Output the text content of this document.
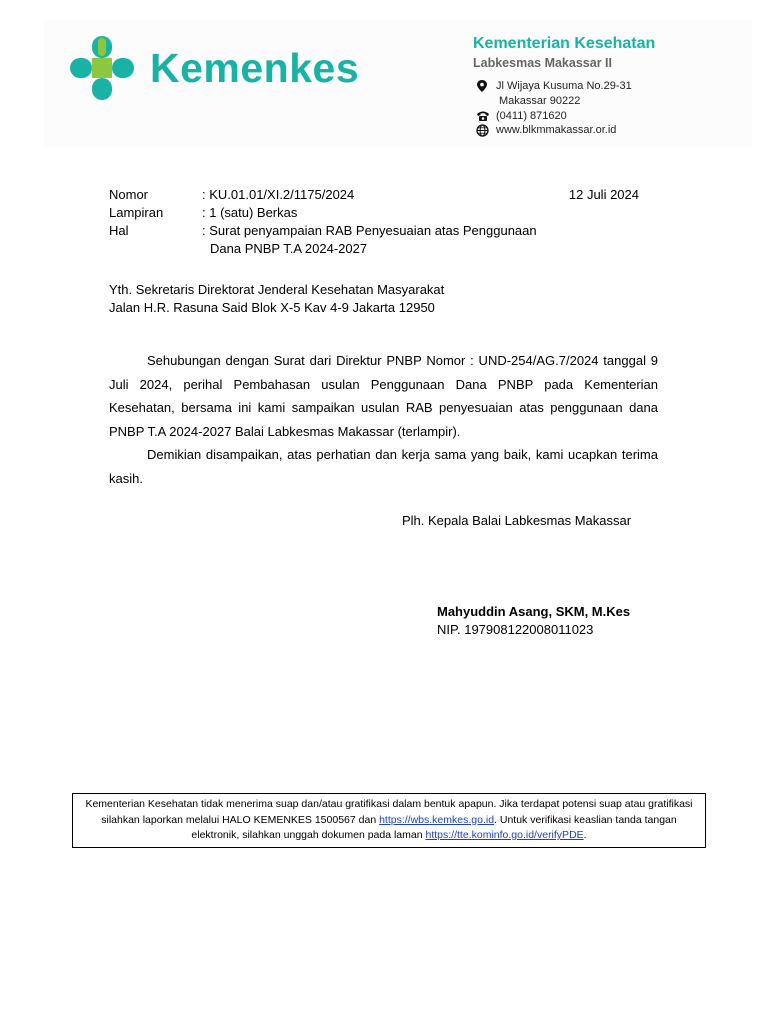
Kemenkes
Kementerian Kesehatan
Labkesmas Makassar II
Jl Wijaya Kusuma No.29-31
Makassar 90222
(0411) 871620
www.blkmmakassar.or.id
Nomor	: KU.01.01/XI.2/1175/2024	12 Juli 2024
Lampiran	: 1 (satu) Berkas
Hal	: Surat penyampaian RAB Penyesuaian atas Penggunaan
Dana PNBP T.A 2024-2027
Yth. Sekretaris Direktorat Jenderal Kesehatan Masyarakat
Jalan H.R. Rasuna Said Blok X-5 Kav 4-9 Jakarta 12950

Sehubungan dengan Surat dari Direktur PNBP Nomor : UND-254/AG.7/2024 tanggal 9 Juli 2024, perihal Pembahasan usulan Penggunaan Dana PNBP pada Kementerian Kesehatan, bersama ini kami sampaikan usulan RAB penyesuaian atas penggunaan dana PNBP T.A 2024-2027 Balai Labkesmas Makassar (terlampir).

Demikian disampaikan, atas perhatian dan kerja sama yang baik, kami ucapkan terima kasih.

Plh. Kepala Balai Labkesmas Makassar
Mahyuddin Asang, SKM, M.Kes
NIP. 197908122008011023
Kementerian Kesehatan tidak menerima suap dan/atau gratifikasi dalam bentuk apapun. Jika terdapat potensi suap atau gratifikasi silahkan laporkan melalui HALO KEMENKES 1500567 dan https://wbs.kemkes.go.id. Untuk verifikasi keaslian tanda tangan elektronik, silahkan unggah dokumen pada laman https://tte.kominfo.go.id/verifyPDE.
